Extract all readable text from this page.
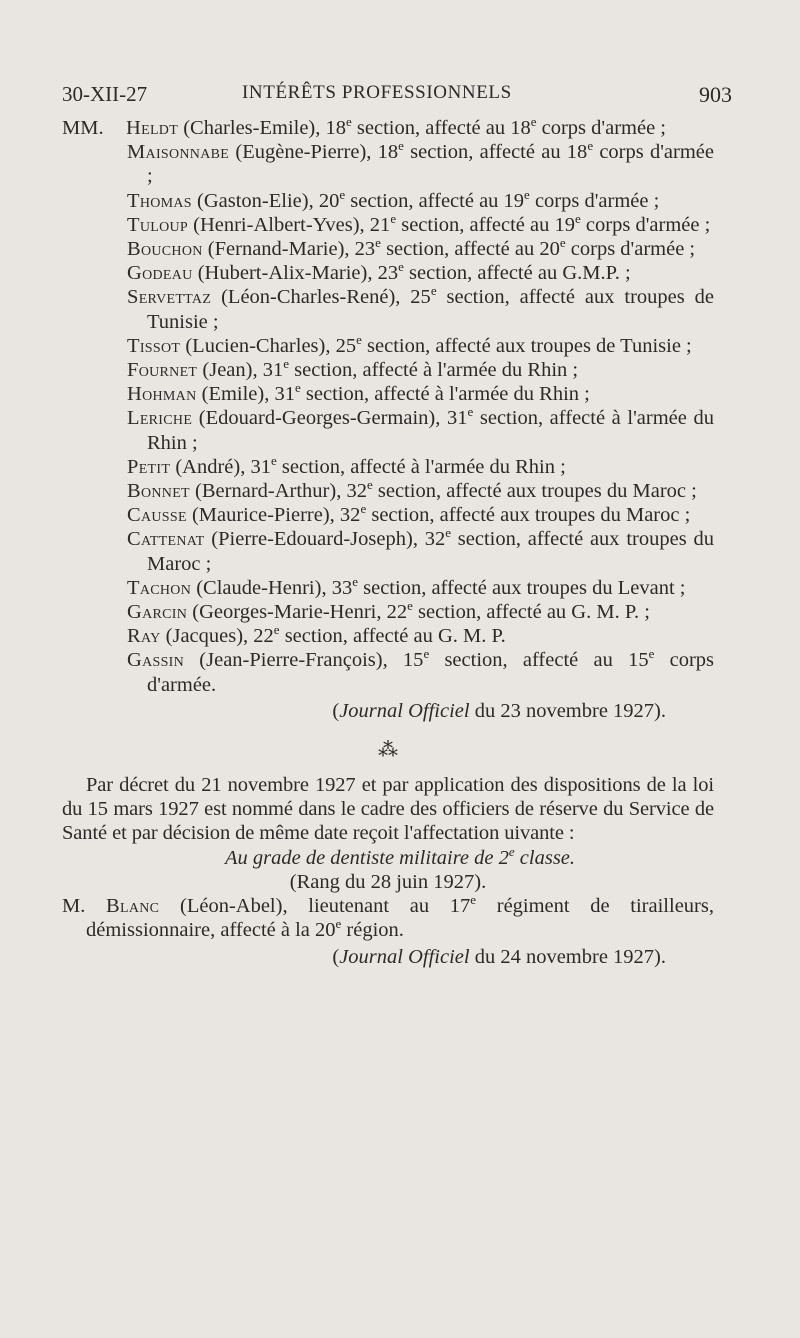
30-XII-27	INTÉRÊTS PROFESSIONNELS	903

MM. Heldt (Charles-Emile), 18e section, affecté au 18e corps d'armée ;

Maisonnabe (Eugène-Pierre), 18e section, affecté au 18e corps d'armée ;

Thomas (Gaston-Elie), 20e section, affecté au 19e corps d'armée ;

Tuloup (Henri-Albert-Yves), 21e section, affecté au 19e corps d'armée ;

Bouchon (Fernand-Marie), 23e section, affecté au 20e corps d'armée ;

Godeau (Hubert-Alix-Marie), 23e section, affecté au G.M.P. ;

Servettaz (Léon-Charles-René), 25e section, affecté aux troupes de Tunisie ;

Tissot (Lucien-Charles), 25e section, affecté aux troupes de Tunisie ;

Fournet (Jean), 31e section, affecté à l'armée du Rhin ;

Hohman (Emile), 31e section, affecté à l'armée du Rhin ;

Leriche (Edouard-Georges-Germain), 31e section, affecté à l'armée du Rhin ;

Petit (André), 31e section, affecté à l'armée du Rhin ;

Bonnet (Bernard-Arthur), 32e section, affecté aux troupes du Maroc ;

Causse (Maurice-Pierre), 32e section, affecté aux troupes du Maroc ;

Cattenat (Pierre-Edouard-Joseph), 32e section, affecté aux troupes du Maroc ;

Tachon (Claude-Henri), 33e section, affecté aux troupes du Levant ;

Garcin (Georges-Marie-Henri, 22e section, affecté au G. M. P. ;

Ray (Jacques), 22e section, affecté au G. M. P.

Gassin (Jean-Pierre-François), 15e section, affecté au 15e corps d'armée.

(Journal Officiel du 23 novembre 1927).

⁂

Par décret du 21 novembre 1927 et par application des dispositions de la loi du 15 mars 1927 est nommé dans le cadre des officiers de réserve du Service de Santé et par décision de même date reçoit l'affectation uivante :

Au grade de dentiste militaire de 2e classe.

(Rang du 28 juin 1927).

M. Blanc (Léon-Abel), lieutenant au 17e régiment de tirailleurs, démissionnaire, affecté à la 20e région.

(Journal Officiel du 24 novembre 1927).
